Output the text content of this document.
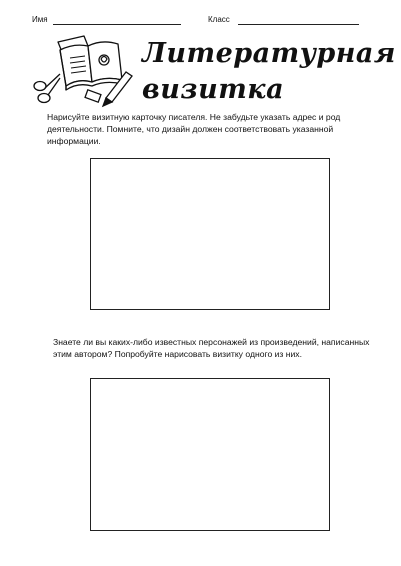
Имя	Класс
Литературная
визитка
Нарисуйте визитную карточку писателя. Не забудьте указать адрес и род деятельности. Помните, что дизайн должен соответствовать указанной информации.
Знаете ли вы каких-либо известных персонажей из произведений, написанных этим автором? Попробуйте нарисовать визитку одного из них.
